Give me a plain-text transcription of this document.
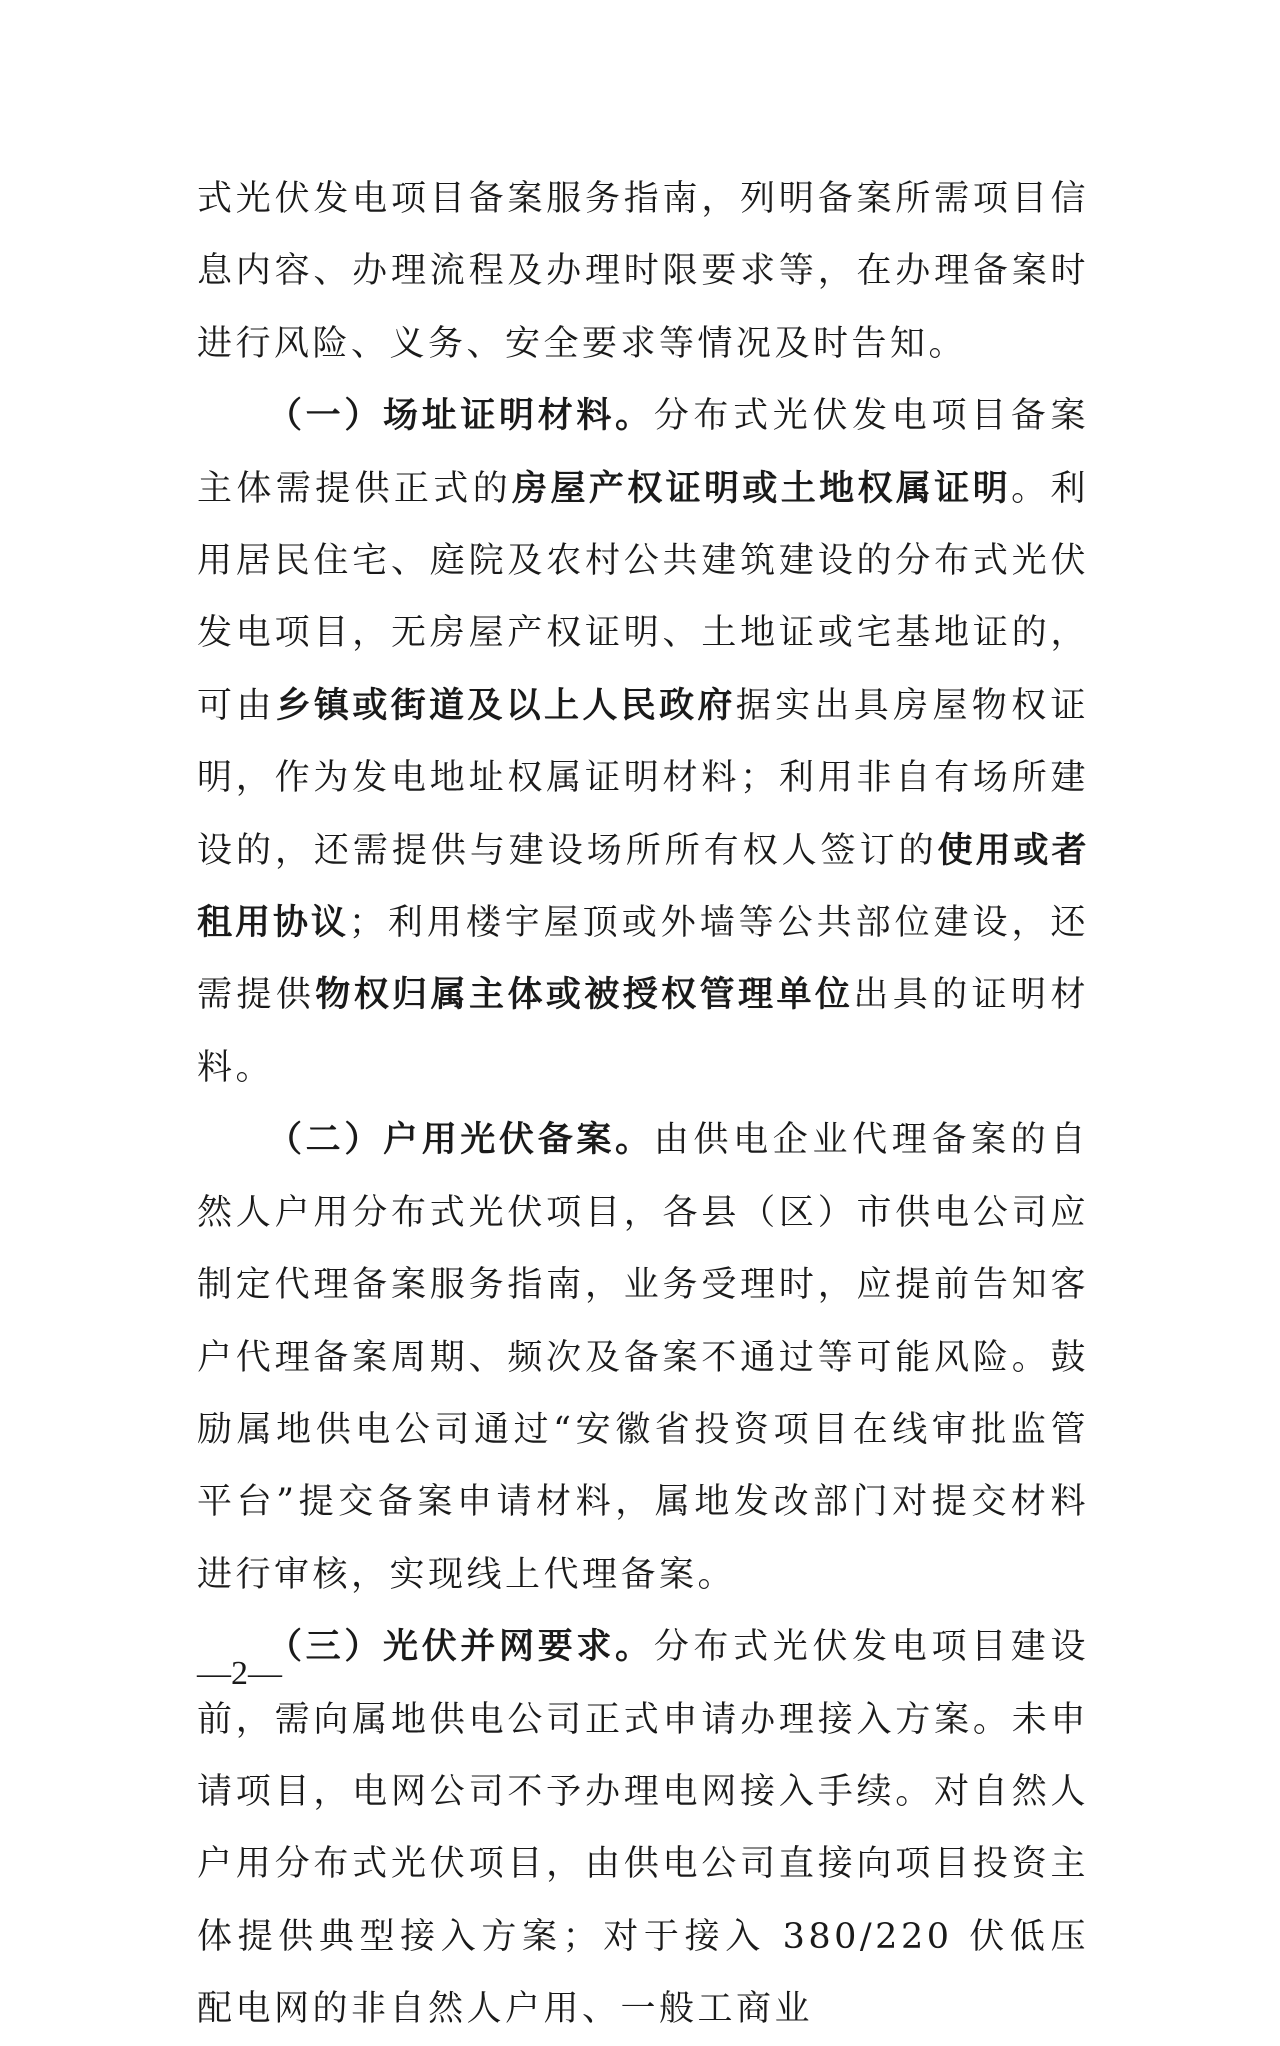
式光伏发电项目备案服务指南，列明备案所需项目信息内容、办理流程及办理时限要求等，在办理备案时进行风险、义务、安全要求等情况及时告知。

（一）场址证明材料。分布式光伏发电项目备案主体需提供正式的房屋产权证明或土地权属证明。利用居民住宅、庭院及农村公共建筑建设的分布式光伏发电项目，无房屋产权证明、土地证或宅基地证的，可由乡镇或街道及以上人民政府据实出具房屋物权证明，作为发电地址权属证明材料；利用非自有场所建设的，还需提供与建设场所所有权人签订的使用或者租用协议；利用楼宇屋顶或外墙等公共部位建设，还需提供物权归属主体或被授权管理单位出具的证明材料。

（二）户用光伏备案。由供电企业代理备案的自然人户用分布式光伏项目，各县（区）市供电公司应制定代理备案服务指南，业务受理时，应提前告知客户代理备案周期、频次及备案不通过等可能风险。鼓励属地供电公司通过“安徽省投资项目在线审批监管平台”提交备案申请材料，属地发改部门对提交材料进行审核，实现线上代理备案。

（三）光伏并网要求。分布式光伏发电项目建设前，需向属地供电公司正式申请办理接入方案。未申请项目，电网公司不予办理电网接入手续。对自然人户用分布式光伏项目，由供电公司直接向项目投资主体提供典型接入方案；对于接入 380/220 伏低压配电网的非自然人户用、一般工商业

—2—
